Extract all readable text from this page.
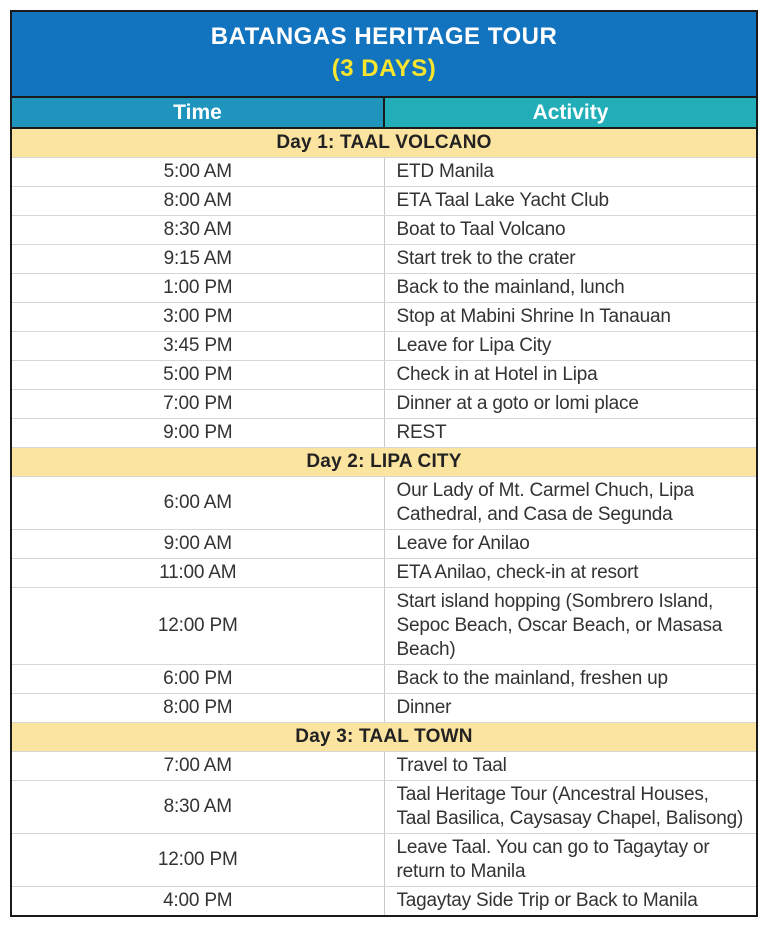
BATANGAS HERITAGE TOUR
(3 DAYS)	

Time	Activity
Day 1: TAAL VOLCANO	
5:00 AM	ETD Manila
8:00 AM	ETA Taal Lake Yacht Club
8:30 AM	Boat to Taal Volcano
9:15 AM	Start trek to the crater
1:00 PM	Back to the mainland, lunch
3:00 PM	Stop at Mabini Shrine In Tanauan
3:45 PM	Leave for Lipa City
5:00 PM	Check in at Hotel in Lipa
7:00 PM	Dinner at a goto or lomi place
9:00 PM	REST
Day 2: LIPA CITY	
6:00 AM	Our Lady of Mt. Carmel Chuch, Lipa Cathedral, and Casa de Segunda
9:00 AM	Leave for Anilao
11:00 AM	ETA Anilao, check-in at resort
12:00 PM	Start island hopping (Sombrero Island, Sepoc Beach, Oscar Beach, or Masasa Beach)
6:00 PM	Back to the mainland, freshen up
8:00 PM	Dinner
Day 3: TAAL TOWN	
7:00 AM	Travel to Taal
8:30 AM	Taal Heritage Tour (Ancestral Houses, Taal Basilica, Caysasay Chapel, Balisong)
12:00 PM	Leave Taal. You can go to Tagaytay or return to Manila
4:00 PM	Tagaytay Side Trip or Back to Manila
